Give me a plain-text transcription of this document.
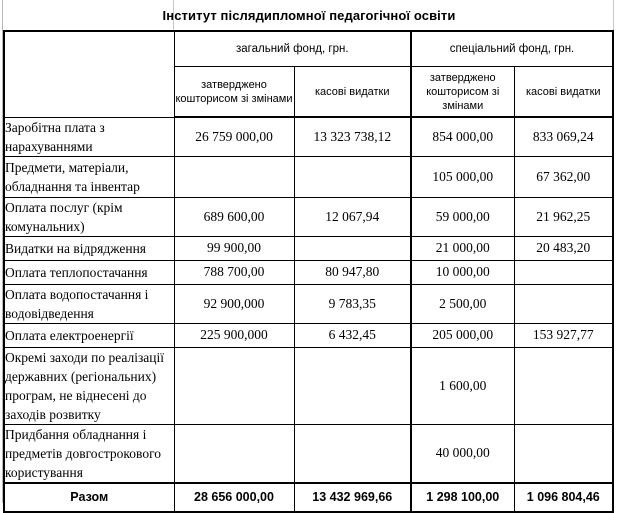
Інститут післядипломної педагогічної освіти
	загальний фонд, грн.		спеціальний фонд, грн.	
	затверджено кошторисом зі змінами	касові видатки	затверджено кошторисом зі змінами	касові видатки
Заробітна плата з нарахуваннями	26 759 000,00	13 323 738,12	854 000,00	833 069,24
Предмети, матеріали, обладнання та інвентар			105 000,00	67 362,00
Оплата послуг (крім комунальних)	689 600,00	12 067,94	59 000,00	21 962,25
Видатки на відрядження	99 900,00		21 000,00	20 483,20
Оплата теплопостачання	788 700,00	80 947,80	10 000,00	
Оплата водопостачання і водовідведення	92 900,000	9 783,35	2 500,00	
Оплата електроенергії	225 900,000	6 432,45	205 000,00	153 927,77
Окремі заходи по реалізації державних (регіональних) програм, не віднесені до заходів розвитку			1 600,00	
Придбання обладнання і предметів довгострокового користування			40 000,00	
Разом	28 656 000,00	13 432 969,66	1 298 100,00	1 096 804,46
